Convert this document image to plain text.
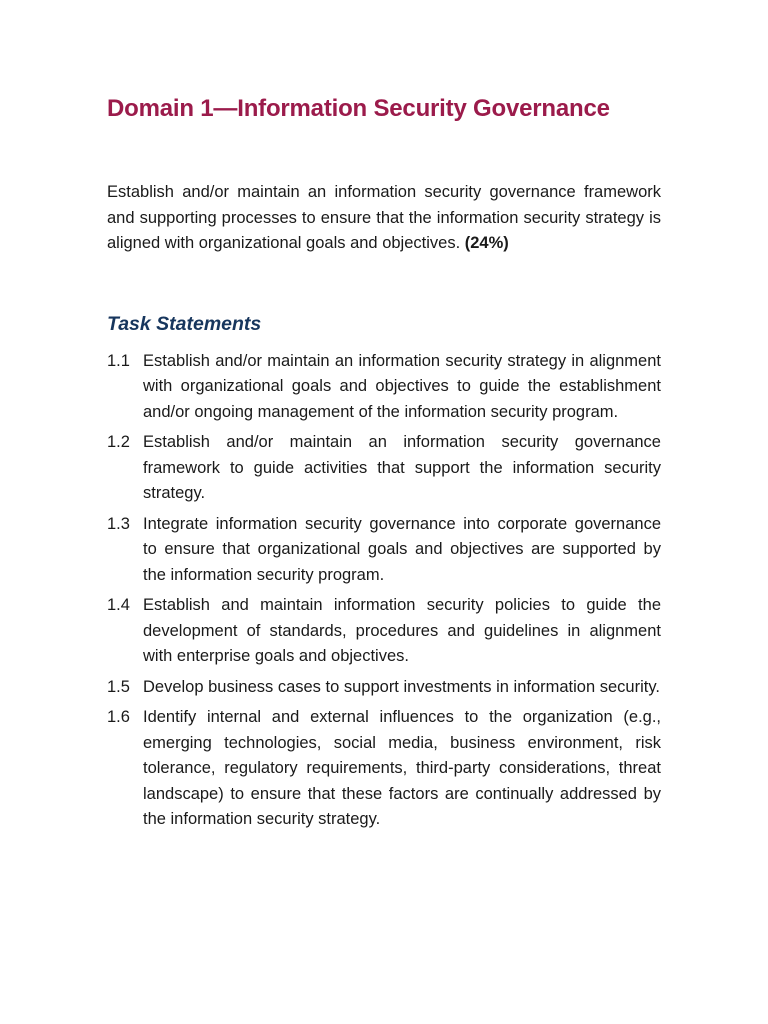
Domain 1—Information Security Governance

Establish and/or maintain an information security governance framework and supporting processes to ensure that the information security strategy is aligned with organizational goals and objectives. (24%)

Task Statements
1.1 Establish and/or maintain an information security strategy in alignment with organizational goals and objectives to guide the establishment and/or ongoing management of the information security program.
1.2 Establish and/or maintain an information security governance framework to guide activities that support the information security strategy.
1.3 Integrate information security governance into corporate governance to ensure that organizational goals and objectives are supported by the information security program.
1.4 Establish and maintain information security policies to guide the development of standards, procedures and guidelines in alignment with enterprise goals and objectives.
1.5 Develop business cases to support investments in information security.
1.6 Identify internal and external influences to the organization (e.g., emerging technologies, social media, business environment, risk tolerance, regulatory requirements, third-party considerations, threat landscape) to ensure that these factors are continually addressed by the information security strategy.
